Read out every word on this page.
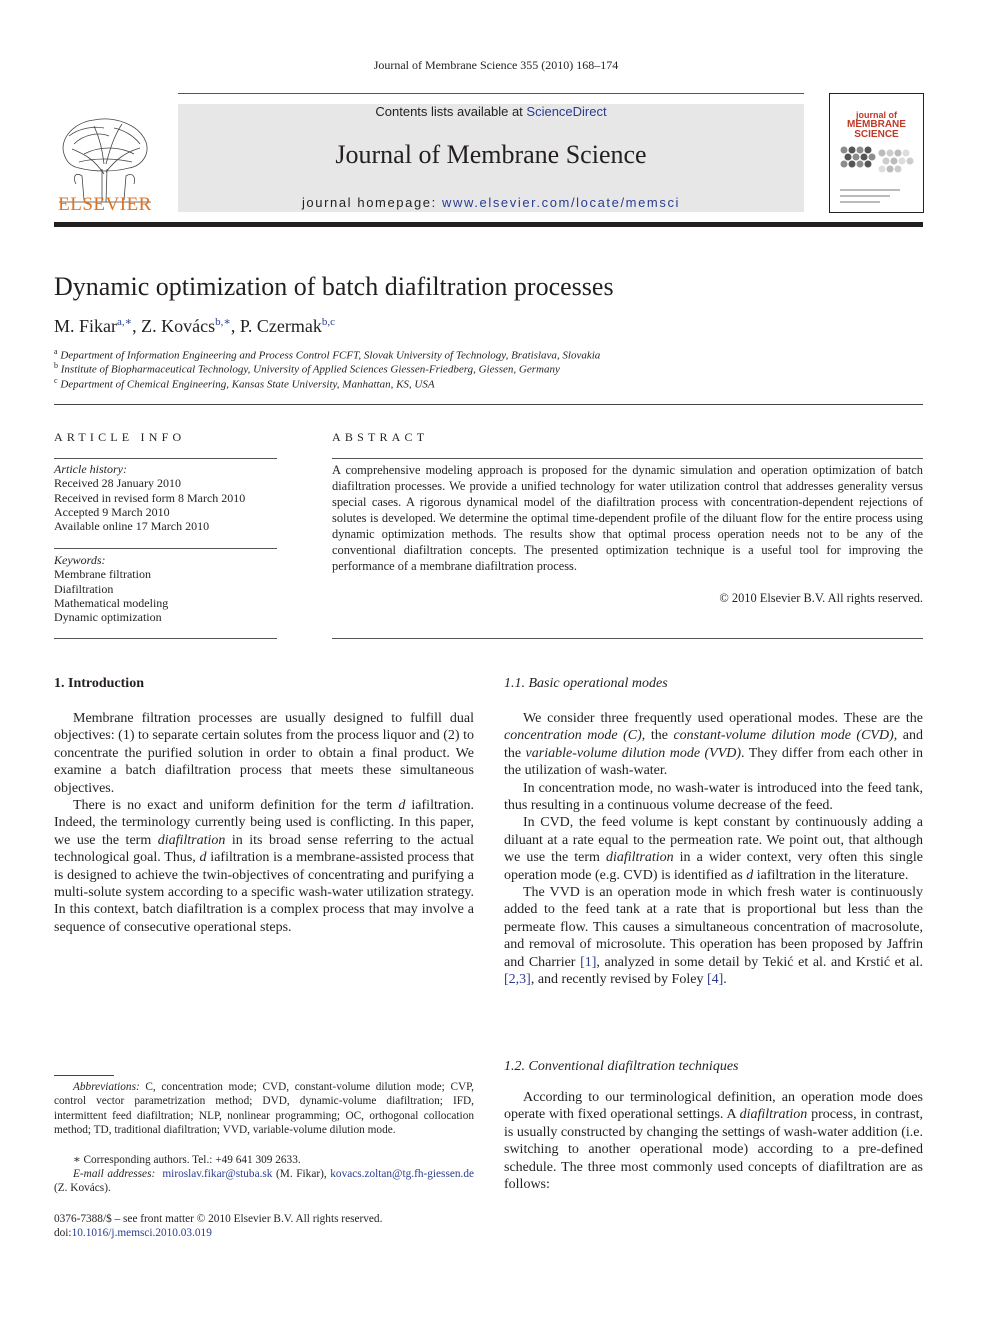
Journal of Membrane Science 355 (2010) 168–174
ELSEVIER
Contents lists available at ScienceDirect
Journal of Membrane Science
journal homepage: www.elsevier.com/locate/memsci
journal of
MEMBRANE
SCIENCE
Dynamic optimization of batch diafiltration processes
M. Fikar$^{a,∗}$, Z. Kovács$^{b,∗}$, P. Czermak$^{b,c}$
$^a$ Department of Information Engineering and Process Control FCFT, Slovak University of Technology, Bratislava, Slovakia
$^b$ Institute of Biopharmaceutical Technology, University of Applied Sciences Giessen-Friedberg, Giessen, Germany
$^c$ Department of Chemical Engineering, Kansas State University, Manhattan, KS, USA
ARTICLE INFO
Article history:
Received 28 January 2010
Received in revised form 8 March 2010
Accepted 9 March 2010
Available online 17 March 2010
Keywords:
Membrane filtration
Diafiltration
Mathematical modeling
Dynamic optimization
ABSTRACT
A comprehensive modeling approach is proposed for the dynamic simulation and operation optimization of batch diafiltration processes. We provide a unified technology for water utilization control that addresses generality versus special cases. A rigorous dynamical model of the diafiltration process with concentration-dependent rejections of solutes is developed. We determine the optimal time-dependent profile of the diluant flow for the entire process using dynamic optimization methods. The results show that optimal process operation needs not to be any of the conventional diafiltration concepts. The presented optimization technique is a useful tool for improving the performance of a membrane diafiltration process.
© 2010 Elsevier B.V. All rights reserved.
1. Introduction

Membrane filtration processes are usually designed to fulfill dual objectives: (1) to separate certain solutes from the process liquor and (2) to concentrate the purified solution in order to obtain a final product. We examine a batch diafiltration process that meets these simultaneous objectives.

There is no exact and uniform definition for the term d iafiltration. Indeed, the terminology currently being used is conflicting. In this paper, we use the term diafiltration in its broad sense referring to the actual technological goal. Thus, d iafiltration is a membrane-assisted process that is designed to achieve the twin-objectives of concentrating and purifying a multi-solute system according to a specific wash-water utilization strategy. In this context, batch diafiltration is a complex process that may involve a sequence of consecutive operational steps.

Abbreviations: C, concentration mode; CVD, constant-volume dilution mode; CVP, control vector parametrization method; DVD, dynamic-volume diafiltration; IFD, intermittent feed diafiltration; NLP, nonlinear programming; OC, orthogonal collocation method; TD, traditional diafiltration; VVD, variable-volume dilution mode.
∗ Corresponding authors. Tel.: +49 641 309 2633.
E-mail addresses: miroslav.fikar@stuba.sk (M. Fikar), kovacs.zoltan@tg.fh-giessen.de (Z. Kovács).
0376-7388/$ – see front matter © 2010 Elsevier B.V. All rights reserved.
doi:10.1016/j.memsci.2010.03.019
1.1. Basic operational modes

We consider three frequently used operational modes. These are the concentration mode (C), the constant-volume dilution mode (CVD), and the variable-volume dilution mode (VVD). They differ from each other in the utilization of wash-water.

In concentration mode, no wash-water is introduced into the feed tank, thus resulting in a continuous volume decrease of the feed.

In CVD, the feed volume is kept constant by continuously adding a diluant at a rate equal to the permeation rate. We point out, that although we use the term diafiltration in a wider context, very often this single operation mode (e.g. CVD) is identified as d iafiltration in the literature.

The VVD is an operation mode in which fresh water is continuously added to the feed tank at a rate that is proportional but less than the permeate flow. This causes a simultaneous concentration of macrosolute, and removal of microsolute. This operation has been proposed by Jaffrin and Charrier [1], analyzed in some detail by Tekić et al. and Krstić et al. [2,3], and recently revised by Foley [4].

1.2. Conventional diafiltration techniques

According to our terminological definition, an operation mode does operate with fixed operational settings. A diafiltration process, in contrast, is usually constructed by changing the settings of wash-water addition (i.e. switching to another operational mode) according to a pre-defined schedule. The three most commonly used concepts of diafiltration are as follows:
